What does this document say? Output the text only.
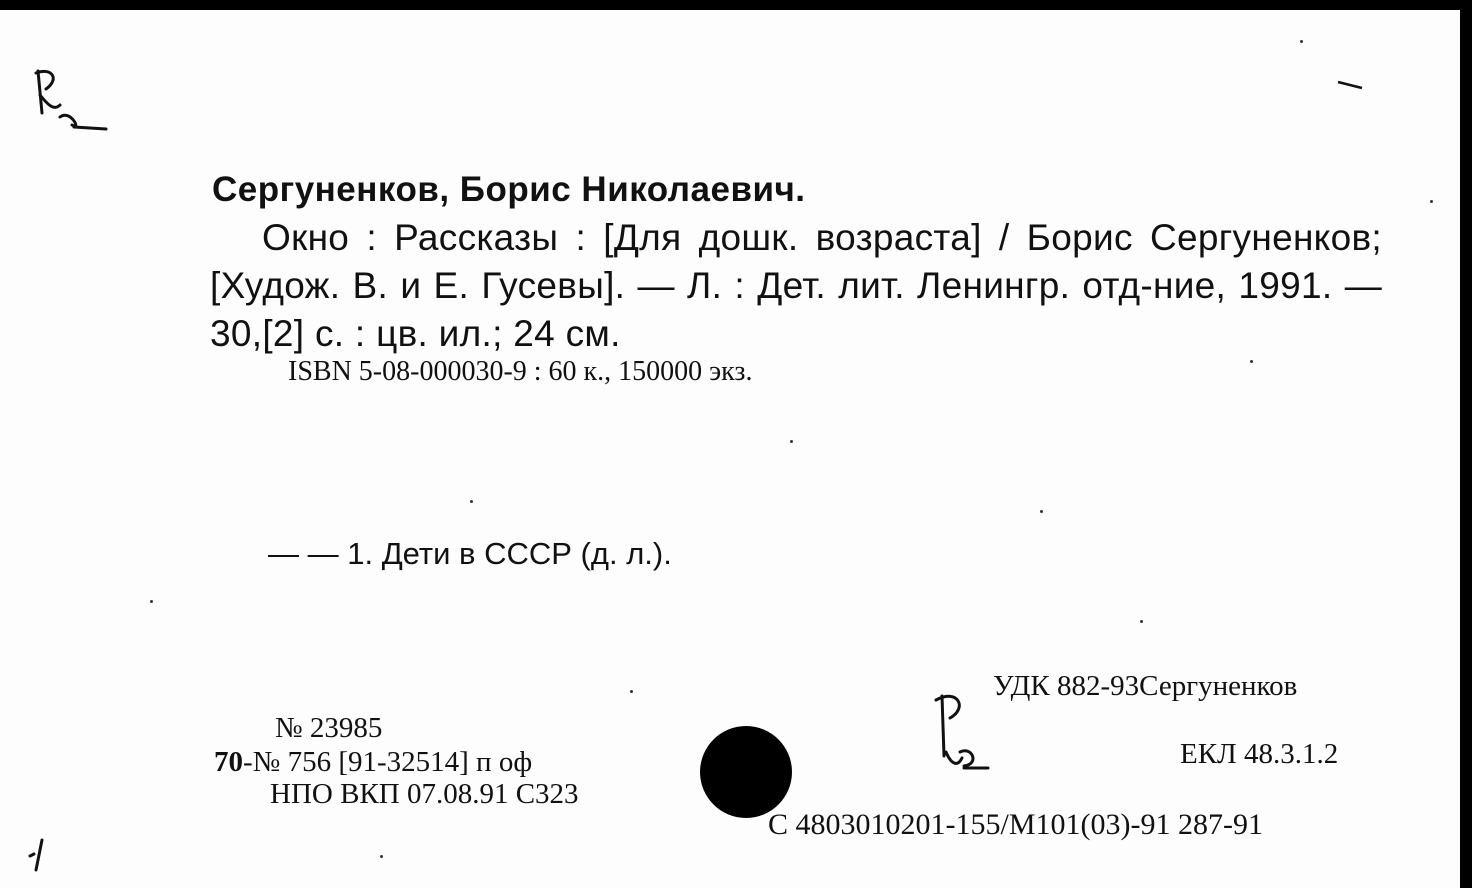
Сергуненков, Борис Николаевич.
Окно : Рассказы : [Для дошк. возраста] / Борис Сергуненков; [Худож. В. и Е. Гусевы]. — Л. : Дет. лит. Ленингр. отд-ние, 1991. — 30,[2] с. : цв. ил.; 24 см.
ISBN 5-08-000030-9 : 60 к., 150000 экз.
— — 1. Дети в СССР (д. л.).
УДК 882-93Сергуненков
ЕКЛ 48.3.1.2
С 4803010201-155/М101(03)-91 287-91
№ 23985
70-№ 756 [91-32514] п оф
НПО ВКП 07.08.91 С323
